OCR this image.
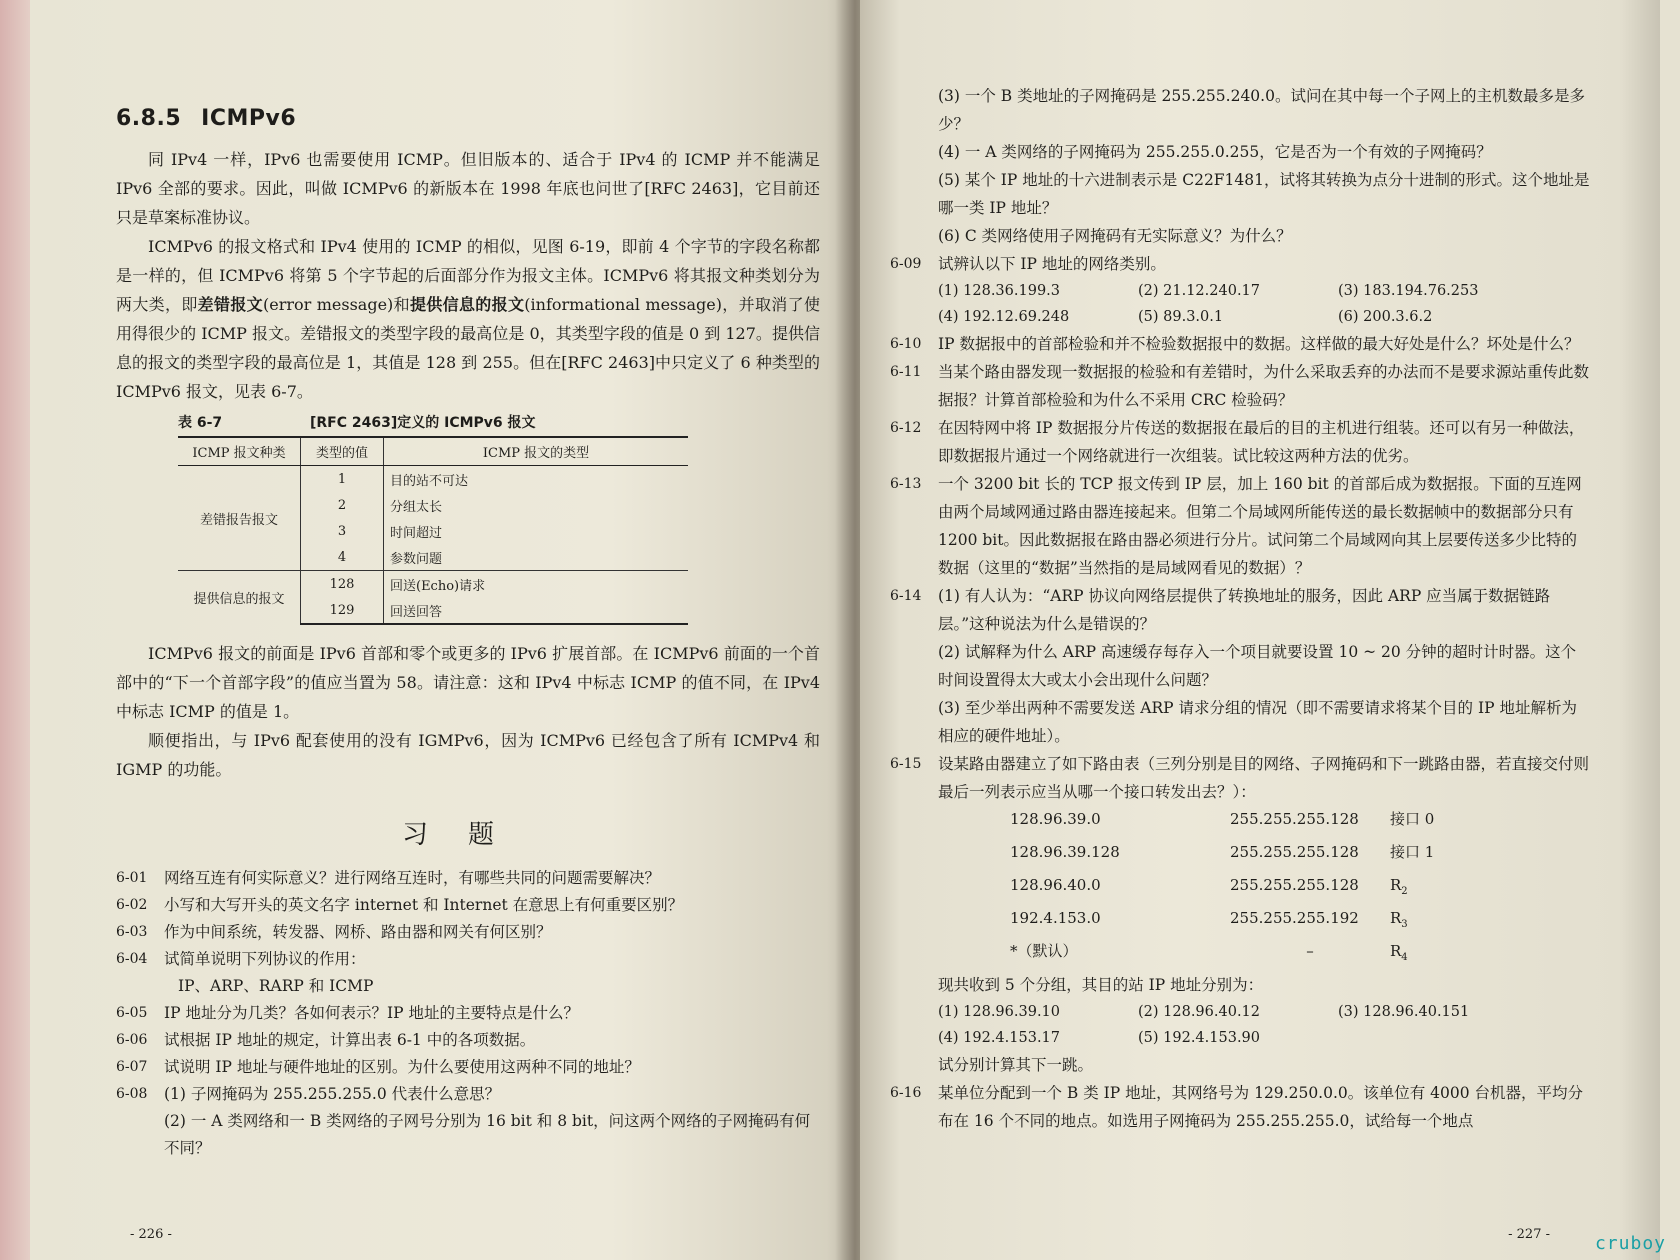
6.8.5 ICMPv6

同 IPv4 一样，IPv6 也需要使用 ICMP。但旧版本的、适合于 IPv4 的 ICMP 并不能满足 IPv6 全部的要求。因此，叫做 ICMPv6 的新版本在 1998 年底也问世了[RFC 2463]，它目前还只是草案标准协议。

ICMPv6 的报文格式和 IPv4 使用的 ICMP 的相似，见图 6-19，即前 4 个字节的字段名称都是一样的，但 ICMPv6 将第 5 个字节起的后面部分作为报文主体。ICMPv6 将其报文种类划分为两大类，即差错报文(error message)和提供信息的报文(informational message)，并取消了使用得很少的 ICMP 报文。差错报文的类型字段的最高位是 0，其类型字段的值是 0 到 127。提供信息的报文的类型字段的最高位是 1，其值是 128 到 255。但在[RFC 2463]中只定义了 6 种类型的 ICMPv6 报文，见表 6-7。

表 6-7	[RFC 2463]定义的 ICMPv6 报文
ICMP 报文种类	类型的值	ICMP 报文的类型
差错报告报文	1	目的站不可达
	2	分组太长
	3	时间超过
	4	参数问题
提供信息的报文	128	回送(Echo)请求
	129	回送回答

ICMPv6 报文的前面是 IPv6 首部和零个或更多的 IPv6 扩展首部。在 ICMPv6 前面的一个首部中的“下一个首部字段”的值应当置为 58。请注意：这和 IPv4 中标志 ICMP 的值不同，在 IPv4 中标志 ICMP 的值是 1。

顺便指出，与 IPv6 配套使用的没有 IGMPv6，因为 ICMPv6 已经包含了所有 ICMPv4 和 IGMP 的功能。

习题
6-01	网络互连有何实际意义？进行网络互连时，有哪些共同的问题需要解决？
6-02	小写和大写开头的英文名字 internet 和 Internet 在意思上有何重要区别？
6-03	作为中间系统，转发器、网桥、路由器和网关有何区别？
6-04	试简单说明下列协议的作用：
IP、ARP、RARP 和 ICMP
6-05	IP 地址分为几类？各如何表示？IP 地址的主要特点是什么？
6-06	试根据 IP 地址的规定，计算出表 6-1 中的各项数据。
6-07	试说明 IP 地址与硬件地址的区别。为什么要使用这两种不同的地址？
6-08	(1) 子网掩码为 255.255.255.0 代表什么意思？
(2) 一 A 类网络和一 B 类网络的子网号分别为 16 bit 和 8 bit，问这两个网络的子网掩码有何不同？
- 226 -
(3) 一个 B 类地址的子网掩码是 255.255.240.0。试问在其中每一个子网上的主机数最多是多少？
(4) 一 A 类网络的子网掩码为 255.255.0.255，它是否为一个有效的子网掩码？
(5) 某个 IP 地址的十六进制表示是 C22F1481，试将其转换为点分十进制的形式。这个地址是哪一类 IP 地址？
(6) C 类网络使用子网掩码有无实际意义？为什么？
6-09	试辨认以下 IP 地址的网络类别。
(1) 128.36.199.3	(2) 21.12.240.17	(3) 183.194.76.253
(4) 192.12.69.248	(5) 89.3.0.1	(6) 200.3.6.2
6-10	IP 数据报中的首部检验和并不检验数据报中的数据。这样做的最大好处是什么？坏处是什么？
6-11	当某个路由器发现一数据报的检验和有差错时，为什么采取丢弃的办法而不是要求源站重传此数据报？计算首部检验和为什么不采用 CRC 检验码？
6-12	在因特网中将 IP 数据报分片传送的数据报在最后的目的主机进行组装。还可以有另一种做法，即数据报片通过一个网络就进行一次组装。试比较这两种方法的优劣。
6-13	一个 3200 bit 长的 TCP 报文传到 IP 层，加上 160 bit 的首部后成为数据报。下面的互连网由两个局域网通过路由器连接起来。但第二个局域网所能传送的最长数据帧中的数据部分只有 1200 bit。因此数据报在路由器必须进行分片。试问第二个局域网向其上层要传送多少比特的数据（这里的“数据”当然指的是局域网看见的数据）？
6-14	(1) 有人认为：“ARP 协议向网络层提供了转换地址的服务，因此 ARP 应当属于数据链路层。”这种说法为什么是错误的？
(2) 试解释为什么 ARP 高速缓存每存入一个项目就要设置 10 ~ 20 分钟的超时计时器。这个时间设置得太大或太小会出现什么问题？
(3) 至少举出两种不需要发送 ARP 请求分组的情况（即不需要请求将某个目的 IP 地址解析为相应的硬件地址）。
6-15	设某路由器建立了如下路由表（三列分别是目的网络、子网掩码和下一跳路由器，若直接交付则最后一列表示应当从哪一个接口转发出去？）：
128.96.39.0	255.255.255.128	接口 0
128.96.39.128	255.255.255.128	接口 1
128.96.40.0	255.255.255.128	$R_2$
192.4.153.0	255.255.255.192	$R_3$
*（默认）	–	$R_4$
现共收到 5 个分组，其目的站 IP 地址分别为：
(1) 128.96.39.10	(2) 128.96.40.12	(3) 128.96.40.151
(4) 192.4.153.17	(5) 192.4.153.90
试分别计算其下一跳。
6-16	某单位分配到一个 B 类 IP 地址，其网络号为 129.250.0.0。该单位有 4000 台机器，平均分布在 16 个不同的地点。如选用子网掩码为 255.255.255.0，试给每一个地点
- 227 - cruboy
